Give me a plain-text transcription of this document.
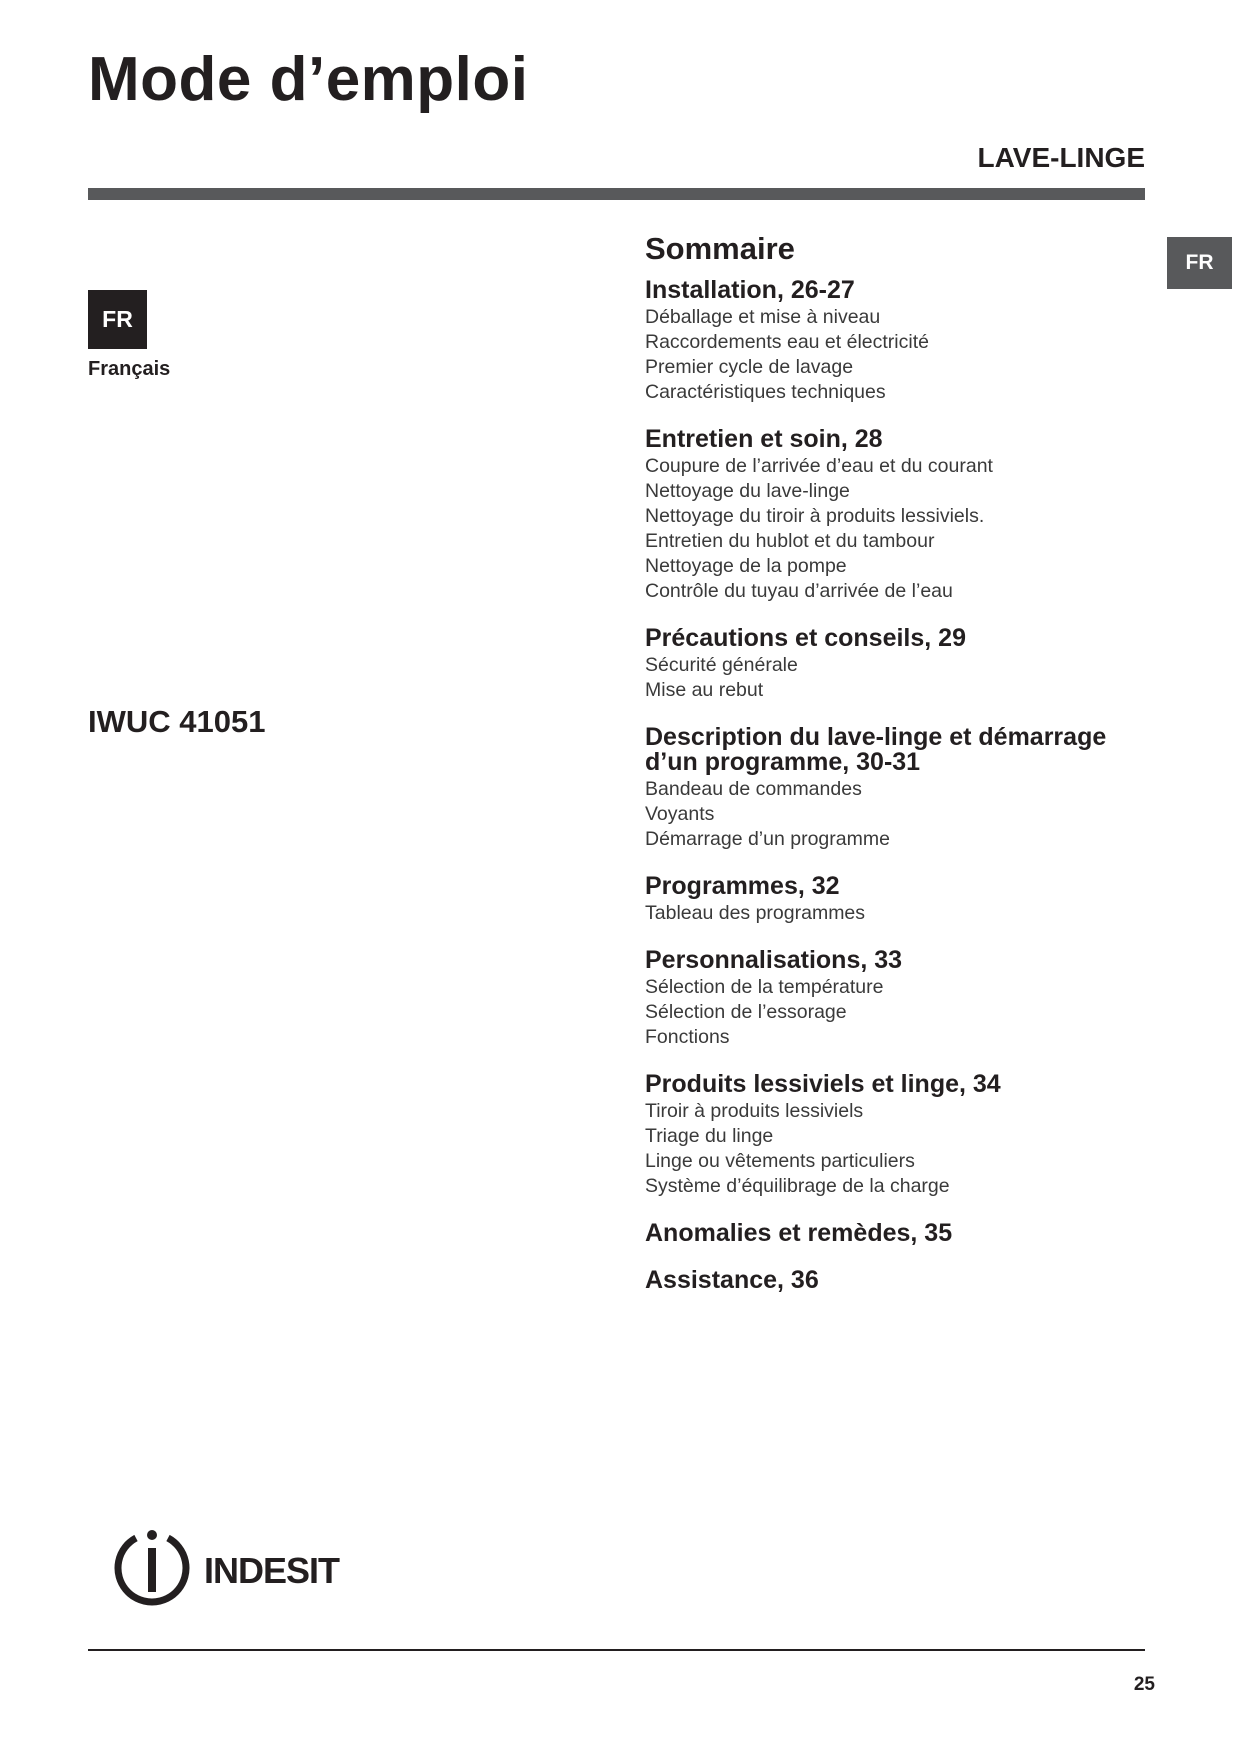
Mode d’emploi
LAVE-LINGE
FR
FR
Français
IWUC 41051
Sommaire
Installation, 26-27
Déballage et mise à niveau
Raccordements eau et électricité
Premier cycle de lavage
Caractéristiques techniques
Entretien et soin, 28
Coupure de l’arrivée d’eau et du courant
Nettoyage du lave-linge
Nettoyage du tiroir à produits lessiviels.
Entretien du hublot et du tambour
Nettoyage de la pompe
Contrôle du tuyau d’arrivée de l’eau
Précautions et conseils, 29
Sécurité générale
Mise au rebut
Description du lave-linge et démarrage d’un programme, 30-31
Bandeau de commandes
Voyants
Démarrage d’un programme
Programmes, 32
Tableau des programmes
Personnalisations, 33
Sélection de la température
Sélection de l’essorage
Fonctions
Produits lessiviels et linge, 34
Tiroir à produits lessiviels
Triage du linge
Linge ou vêtements particuliers
Système d’équilibrage de la charge
Anomalies et remèdes, 35
Assistance, 36
indesit
25
